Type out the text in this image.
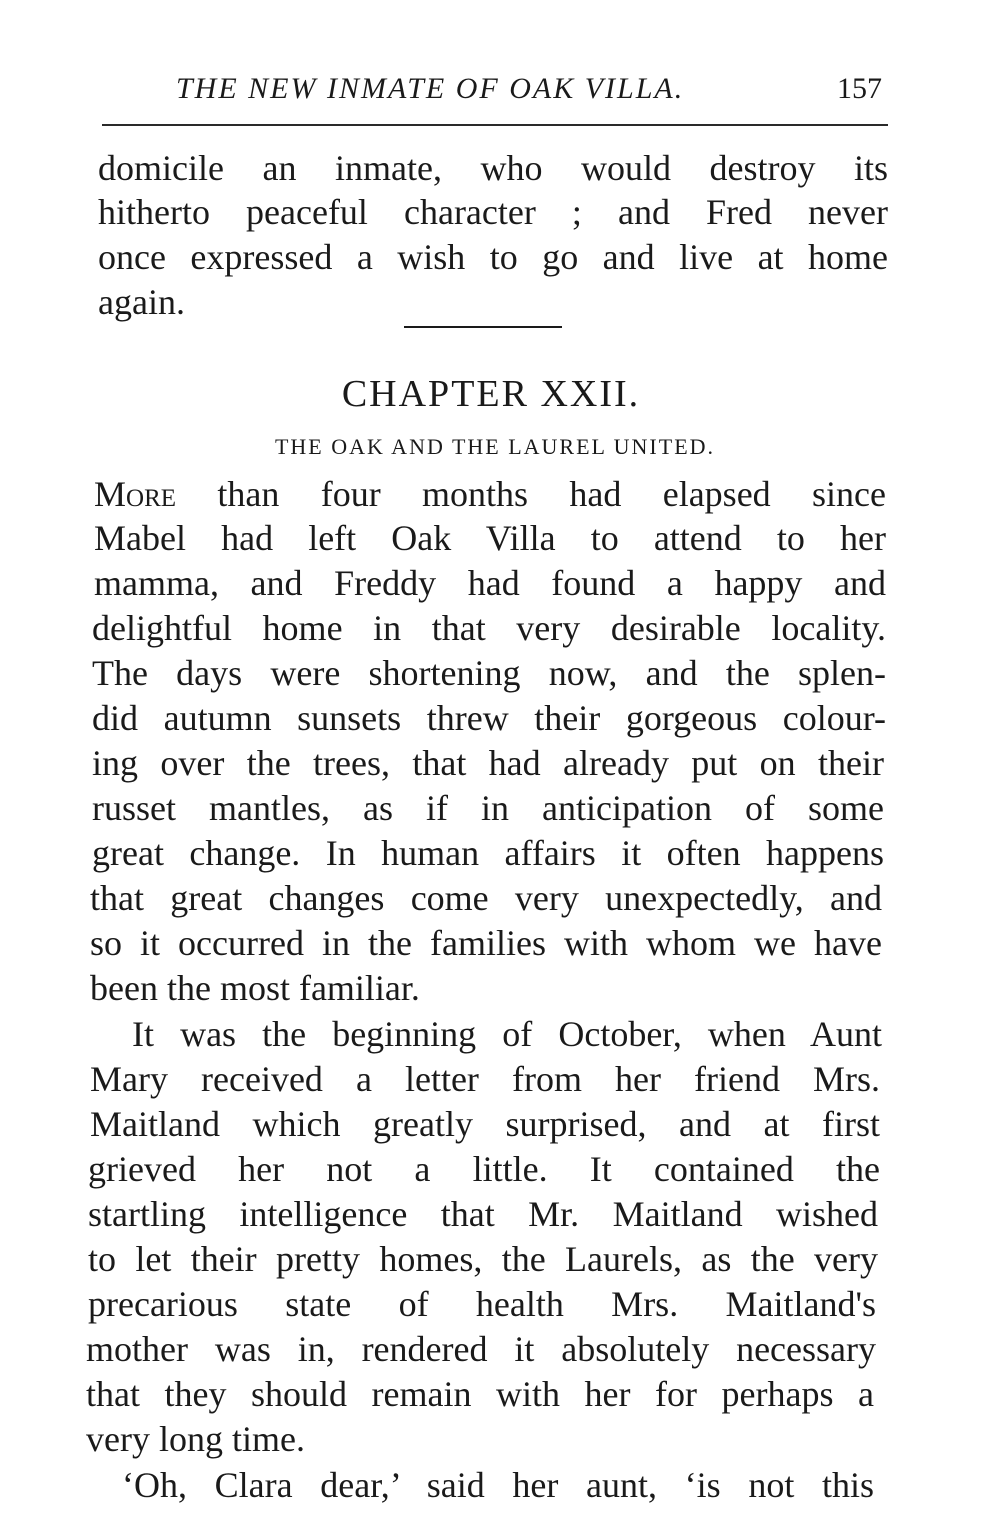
THE NEW INMATE OF OAK VILLA.	157
domicile an inmate, who would destroy its
hitherto peaceful character ; and Fred never
once expressed a wish to go and live at home
again.
CHAPTER XXII.
THE OAK AND THE LAUREL UNITED.
More than four months had elapsed since
Mabel had left Oak Villa to attend to her
mamma, and Freddy had found a happy and
delightful home in that very desirable locality.
The days were shortening now, and the splen-
did autumn sunsets threw their gorgeous colour-
ing over the trees, that had already put on their
russet mantles, as if in anticipation of some
great change. In human affairs it often happens
that great changes come very unexpectedly, and
so it occurred in the families with whom we have
been the most familiar.
It was the beginning of October, when Aunt
Mary received a letter from her friend Mrs.
Maitland which greatly surprised, and at first
grieved her not a little. It contained the
startling intelligence that Mr. Maitland wished
to let their pretty homes, the Laurels, as the very
precarious state of health Mrs. Maitland's
mother was in, rendered it absolutely necessary
that they should remain with her for perhaps a
very long time.
‘Oh, Clara dear,’ said her aunt, ‘is not this
